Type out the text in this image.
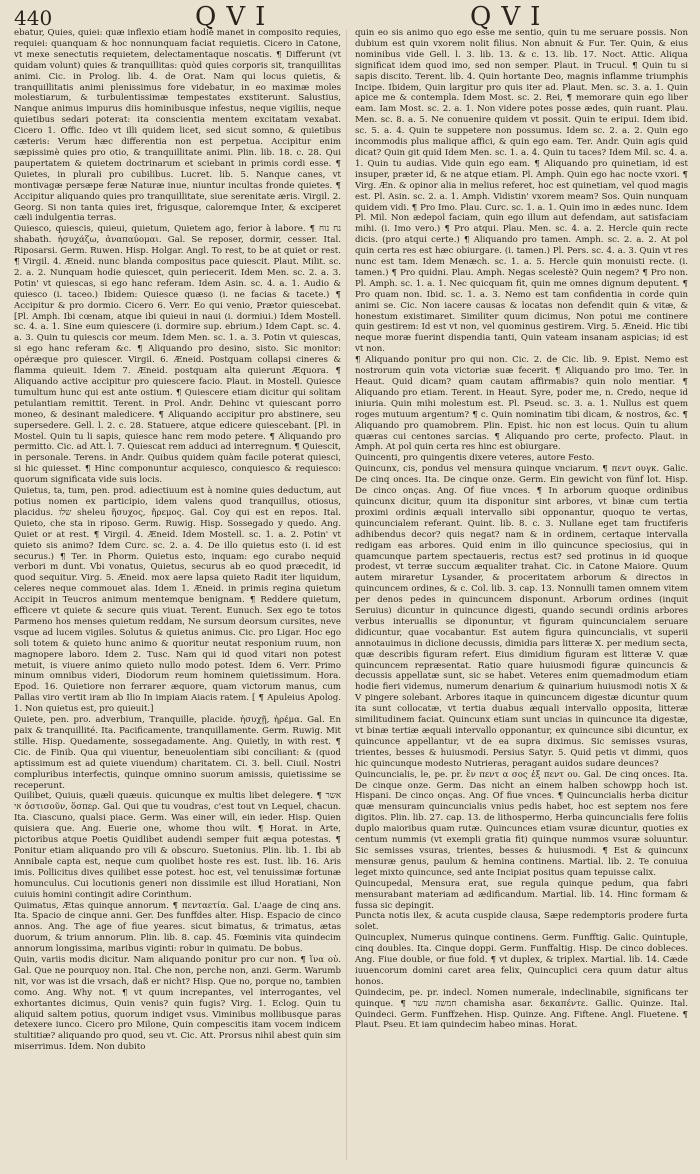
440	QVI	QVI

ebatur, Quies, quiei: quæ inflexio etiam hodie manet in composito requies, requiei: quanquam & hoc nonnunquam faciat requietis. Cicero in Catone, vt mexe senectutis requietem, delectamentaque noscatis. ¶ Differunt (vt quidam volunt) quies & tranquillitas: quòd quies corporis sit, tranquillitas animi. Cic. in Prolog. lib. 4. de Orat. Nam qui locus quietis, & tranquillitatis animi plenissimus fore videbatur, in eo maximæ moles molestiarum, & turbulentissimæ tempestates exstiterunt. Salustius, Nanque animus impurus diis hominibusque infestus, neque vigiliis, neque quietibus sedari poterat: ita conscientia mentem excitatam vexabat. Cicero 1. Offic. Ideo vt illi quidem licet, sed sicut somno, & quietibus cæteris: Verum hæc differentia non est perpetua. Accipitur enim sæpissimè quies pro otio, & tranquillitate animi. Plin. lib. 18. c. 28. Qui paupertatem & quietem doctrinarum et sciebant in primis cordi esse. ¶ Quietes, in plurali pro cubilibus. Lucret. lib. 5. Nanque canes, vt montivagæ persæpe feræ Naturæ inue, niuntur incultas fronde quietes. ¶ Accipitur aliquando quies pro tranquillitate, siue serenitate æris. Virgil. 2. Georg. Si non tanta quies iret, frigusque, caloremque Inter, & exciperet cæli indulgentia terras.

Quiesco, quiescis, quieui, quietum, Quietem ago, ferior à labore. ¶ נח נוח shabath. ἡσυχάζω, ἀναπαύομαι. Gal. Se reposer, dormir, cesser. Ital. Riposarsi. Germ. Ruwen. Hisp. Holgar. Angl. To rest, to be at quiet or rest. ¶ Virgil. 4. Æneid. nunc blanda compositus pace quiescit. Plaut. Milit. sc. 2. a. 2. Nunquam hodie quiescet, quin periecerit. Idem Men. sc. 2. a. 3. Potin' vt quiescas, si ego hanc referam. Idem Asin. sc. 4. a. 1. Audio & quiesco (i. taceo.) Ibidem: Quiesce quæso (i. ne facias & tacete.) ¶ Accipitur & pro dormio. Cicero 6. Verr. Eo qui venio, Prætor quiescebat. [Pl. Amph. Ibi cœnam, atque ibi quieui in naui (i. dormiui.) Idem Mostell. sc. 4. a. 1. Sine eum quiescere (i. dormire sup. ebrium.) Idem Capt. sc. 4. a. 3. Quin tu quiescis cor meum. Idem Men. sc. 1. a. 3. Potin vt quiescas, si ego hanc referam &c. ¶ Aliquando pro desino, sisto. Sic monitor: opéræque pro quiescer. Virgil. 6. Æneid. Postquam collapsi cineres & flamma quieuit. Idem 7. Æneid. postquam alta quierunt Æquora. ¶ Aliquando active accipitur pro quiescere facio. Plaut. in Mostell. Quiesce tumultum hunc qui est ante ostium. ¶ Quiescere etiam dicitur qui solitam petulantiam remittit. Terent. in Prol. Andr. Dehinc vt quiescant porro moneo, & desinant maledicere. ¶ Aliquando accipitur pro abstinere, seu supersedere. Gell. l. 2. c. 28. Statuere, atque edicere quiescebant. [Pl. in Mostel. Quin tu li sapis, quiesce hanc rem modo petere. ¶ Aliquando pro permitto. Cic. ad Att. l. 7. Quiescat rem adduci ad interregnum. ¶ Quiescit, in personale. Terens. in Andr. Quibus quidem quàm facile poterat quiesci, si hic quiesset. ¶ Hinc componuntur acquiesco, conquiesco & requiesco: quorum significata vide suis locis.

Quietus, ta, tum, pen. prod. adiectiuum est à nomine quies deductum, aut potius nomen ex participio, idem valens quod tranquillus, otiosus, placidus. שלו sheleu ἥσυχος, ἤρεμος. Gal. Coy qui est en repos. Ital. Quieto, che sta in riposo. Germ. Ruwig. Hisp. Sossegado y quedo. Ang. Quiet or at rest. ¶ Virgil. 4. Æneid. Idem Mostell. sc. 1. a. 2. Potin' vt quieto sis animo? Idem Curc. sc. 2. a. 4. De illo quietus esto (i. id est securus.) ¶ Ter. in Phorm. Quietus esto, inquam: ego curabo nequid verbori m dunt. Vbi vonatus, Quietus, securus ab eo quod præcedit, id quod sequitur. Virg. 5. Æneid. mox aere lapsa quieto Radit iter liquidum, celeres neque commouet alas. Idem 1. Æneid. in primis regina quietum Accipit in Teucros animum mentemque benignam. ¶ Reddere quietum, efficere vt quiete & secure quis viuat. Terent. Eunuch. Sex ego te totos Parmeno hos menses quietum reddam, Ne sursum deorsum cursites, neve vsque ad lucem vigiles. Solutus & quietus animus. Cic. pro Ligar. Hoc ego soli totem & quieto hunc animo & quoritur neutat responium ruum, non magnopere laboro. Idem 2. Tusc. Nam qui id quod vitari non potest metuit, is viuere animo quieto nullo modo potest. Idem 6. Verr. Primo minum omnibus videri, Diodorum reum hominem quietissimum. Hora. Epod. 16. Quietiore non ferrarer æquore, quam victorum manus, cum Pallas viro vertit iram ab Ilio In impiam Aiacis ratem. [ ¶ Apuleius Apolog. 1. Non quietus est, pro quieuit.]

Quiete, pen. pro. adverbium, Tranquille, placide. ἡσυχῇ, ἠρέμα. Gal. En paix & tranquillité. Ita. Pacificamente, tranquillamente. Germ. Ruwig. Mit stille. Hisp. Quedamente, sossegadamente. Ang. Quietly, in with rest. ¶ Cic. de Finib. Qua qui viuentur, beneuolentiam sibi conciliant: & (quod aptissimum est ad quiete viuendum) charitatem. Ci. 3. bell. Ciuil. Nostri compluribus interfectis, quinque omnino suorum amissis, quietissime se receperunt.

Quilibet, Quiuis, quæli quæuis. quicunque ex multis libet delegere. ¶ אשר אי ὁστισοῦν, ὅσπερ. Gal. Qui que tu voudras, c'est tout vn Lequel, chacun. Ita. Ciascuno, qualsi piace. Germ. Was einer will, ein ieder. Hisp. Quien quisiera que. Ang. Euerie one, whome thou wilt. ¶ Horat. in Arte, pictoribus atque Poetis Quidlibet audendi semper fuit æqua potestas. ¶ Ponitur etiam aliquando pro vili & obscuro. Suetonius. Plin. lib. 1. Ibi ab Annibale capta est, neque cum quolibet hoste res est. Iust. lib. 16. Aris imis. Pollicitus dives quilibet esse potest. hoc est, vel tenuissimæ fortunæ homunculus. Cui locutionis generi non dissimile est illud Horatiani, Non cuiuis homini contingit adire Corinthum.

Quimatus, Ætas quinque annorum. ¶ πενταετία. Gal. L'aage de cinq ans. Ita. Spacio de cinque anni. Ger. Des funffdes alter. Hisp. Espacio de cinco annos. Ang. The age of fiue yeares. sicut bimatus, & trimatus, ætas duorum, & trium annorum. Plin. lib. 8. cap. 45. Fœminis vita quindecim annorum longissima, maribus viginti: robur in quimatu. De bobus.

Quin, variis modis dicitur. Nam aliquando ponitur pro cur non. ¶ ἵνα οὐ. Gal. Que ne pourquoy non. Ital. Che non, perche non, anzi. Germ. Warumb nit, vor was ist die vrsach, daß er nicht? Hisp. Que no, porque no, tambien como. Ang. Why not. ¶ vt quum increpantes, vel interrogantes, vel exhortantes dicimus, Quin venis? quin fugis? Virg. 1. Eclog. Quin tu aliquid saltem potius, quorum indiget vsus. Viminibus mollibusque paras detexere iunco. Cicero pro Milone, Quin compescitis itam vocem indicem stultitiæ? aliquando pro quod, seu vt. Cic. Att. Prorsus nihil abest quin sim miserrimus. Idem. Non dubito

quin eo sis animo quo ego esse me sentio, quin tu me seruare possis. Non dubium est quin vxorem nolit filius. Non abnuit & Fur. Ter. Quin, & eius nominibus vide Gell. l. 3. lib. 13. & c. 13. lib. 17. Noct. Attic. Aliqua significat idem quod imo, sed non semper. Plaut. in Trucul. ¶ Quin tu si sapis discito. Terent. lib. 4. Quin hortante Deo, magnis inflamme triumphis Incipe. Ibidem, Quin largitur pro quis iter ad. Plaut. Men. sc. 3. a. 1. Quin apice me & contempla. Idem Most. sc. 2. Rei, ¶ memorare quin ego liber eam. Iam Most. sc. 2. a. 1. Non videre potes posse ædes, quin ruant. Plau. Men. sc. 8. a. 5. Ne conuenire quidem vt possit. Quin te eripui. Idem ibid. sc. 5. a. 4. Quin te suppetere non possumus. Idem sc. 2. a. 2. Quin ego incommodis plus malique affici, & quin ego eam. Ter. Andr. Quin agis quid dicat? Quin git quid Idem Men. sc. 1. a. 4. Quin tu taces? Idem Mil. sc. 4. a. 1. Quin tu audias. Vide quin ego eam. ¶ Aliquando pro quinetiam, id est insuper, præter id, & ne atque etiam. Pl. Amph. Quin ego hac nocte vxori. ¶ Virg. Æn. & opinor alia in melius referet, hoc est quinetiam, vel quod magis est. Pl. Asin. sc. 2. a. 1. Amph. Vidistin' vxorem meam? Sos. Quin nunquam quidem vidi. ¶ Pro Imo. Plau. Curc. sc. 1. a. 1. Quin imo in ædes nunc. Idem Pl. Mil. Non ædepol faciam, quin ego illum aut defendam, aut satisfaciam mihi. (i. Imo vero.) ¶ Pro atqui. Plau. Men. sc. 4. a. 2. Hercle quin recte dicis. (pro atqui certe.) ¶ Aliquando pro tamen. Amph. sc. 2. a. 2. At pol quin certa res est hæc obiurgare. (i. tamen.) Pl. Pers. sc. 4. a. 3. Quin vt res nunc est tam. Idem Menæch. sc. 1. a. 5. Hercle quin monuisti recte. (i. tamen.) ¶ Pro quidni. Plau. Amph. Negas scelestè? Quin negem? ¶ Pro non. Pl. Amph. sc. 1. a. 1. Nec quicquam fit, quin me omnes dignum deputent. ¶ Pro quam non. Ibid. sc. 1. a. 3. Nemo est tam confidentia in corde quin animi se. Cic. Non iacere causas & locatas non defendit quin & vitæ, & honestum existimaret. Similiter quum dicimus, Non potui me continere quin gestirem: Id est vt non, vel quominus gestirem. Virg. 5. Æneid. Hic tibi neque moræ fuerint dispendia tanti, Quin vateam insanam aspicias; id est vt non.

¶ Aliquando ponitur pro qui non. Cic. 2. de Cic. lib. 9. Epist. Nemo est nostrorum quin vota victoriæ suæ fecerit. ¶ Aliquando pro imo. Ter. in Heaut. Quid dicam? quam cautam affirmabis? quin nolo mentiar. ¶ Aliquando pro etiam. Terent. in Heaut. Syre, poder me, n. Credo, neque id iniuria. Quin mihi molestum est. Pl. Pseud. sc. 3. a. 1. Nullus est quem roges mutuum argentum? ¶ c. Quin nominatim tibi dicam, & nostros, &c. ¶ Aliquando pro quamobrem. Plin. Epist. hic non est locus. Quin tu alium quæras cui centones sarcias. ¶ Aliquando pro certe, profecto. Plaut. in Amph. At pol quin certa res hinc est obiurgare.

Quincenti, pro quingentis dixere veteres, autore Festo.

Quincunx, cis, pondus vel mensura quinque vnciarum. ¶ πεντ ουγκ. Galic. De cinq onces. Ita. De cinque onze. Germ. Ein gewicht von fünf lot. Hisp. De cinco onças. Ang. Of fiue vnces. ¶ In arborum quoque ordinibus quincunx dicitur, quum ita disponitur sint arbores, vt binæ cum tertia proximi ordinis æquali intervallo sibi opponantur, quoquo te vertas, quincuncialem referant. Quint. lib. 8. c. 3. Nullane eget tam fructiferis adhibendus decor? quis negat? nam & in ordinem, certaque intervalla redigam eas arbores. Quid enim in illo quincunce speciosius, qui in quamcunque partem spectaueris, rectus est? sed protinus in id quoque prodest, vt terræ succum æqualiter trahat. Cic. in Catone Maiore. Quum autem miraretur Lysander, & proceritatem arborum & directos in quincuncem ordines, & c. Col. lib. 3. cap. 13. Nonnulli tamen omnem vitem per denos pedes in quincuncem disponunt. Arborum ordines (inquit Seruius) dicuntur in quincunce digesti, quando secundi ordinis arbores verbus interuallis se diponuntur, vt figuram quincuncialem seruare didicuntur, quae vocabantur. Est autem figura quincuncialis, vt superii annotauimus in diclione decussis, dimidia pars litteræ X. per medium secta, quæ describis figuram refert. Eius dimidium figuram est litteræ V. quæ quincuncem repræsentat. Ratio quare huiusmodi figuræ quincuncis & decussis appellatæ sunt, sic se habet. Veteres enim quemadmodum etiam hodie fieri videmus, numerum denarium & quinarium huiusmodi notis X & V pingere solebant. Arbores itaque in quincuncem digestæ dicuntur quum ita sunt collocatæ, vt tertia duabus æquali intervallo opposita, litteræ similitudinem faciat. Quincunx etiam sunt uncias in quincunce ita digestæ, vt binæ tertiæ æquali intervallo opponantur, ex quincunce sibi dicuntur, ex quincunce appellantur, vt de ea supra diximus. Sic semisses vsuras, trientes, besses & huiusmodi. Persius Satyr. 5. Quid petis vt dimmi, quos hic quincunque modesto Nutrieras, peragant auidos sudare deunces?

Quincuncialis, le, pe. pr. ἕν πεντ α σος ἐξ πεντ ου. Gal. De cinq onces. Ita. De cinque onze. Germ. Das nicht an einem halben schowpp hoch ist. Hispani. De cinco onças. Ang. Of fiue vnces. ¶ Quincuncialis herba dicitur quæ mensuram quincuncialis vnius pedis habet, hoc est septem nos fere digitos. Plin. lib. 27. cap. 13. de lithospermo, Herba quincuncialis fere foliis duplo maioribus quam rutæ. Quincunces etiam vsuræ dicuntur, quoties ex centum nummis (vt exempli gratia fit) quinque nummos vsuræ soluuntur. Sic semisses vsuras, trientes, besses & huiusmodi. ¶ Est & quincunx mensuræ genus, paulum & hemina continens. Martial. lib. 2. Te conuiua leget mixto quincunce, sed ante Incipiat positus quam tepuisse calix.

Quincupedal, Mensura erat, sue regula quinque pedum, qua fabri mensurabant materiam ad ædificandum. Martial. lib. 14. Hinc formam & fussa sic depingit.

Puncta notis ilex, & acuta cuspide clausa, Sæpe redemptoris prodere furta solet.

Quincuplex, Numerus quinque continens. Germ. Funfftig. Galic. Quintuple, cinq doubles. Ita. Cinque doppi. Germ. Funffaltig. Hisp. De cinco dobleces. Ang. Fiue double, or fiue fold. ¶ vt duplex, & triplex. Martial. lib. 14. Cæde iuuencorum domini caret area felix, Quincuplici cera quum datur altus honos.

Quindecim, pe. pr. indecl. Nomen numerale, indeclinabile, significans ter quinque. ¶ חמשה עשר chamisha asar. δεκαπέντε. Gallic. Quinze. Ital. Quindeci. Germ. Funffzehen. Hisp. Quinze. Ang. Fiftene. Angl. Fiuetene. ¶ Plaut. Pseu. Et iam quindecim habeo minas. Horat.
